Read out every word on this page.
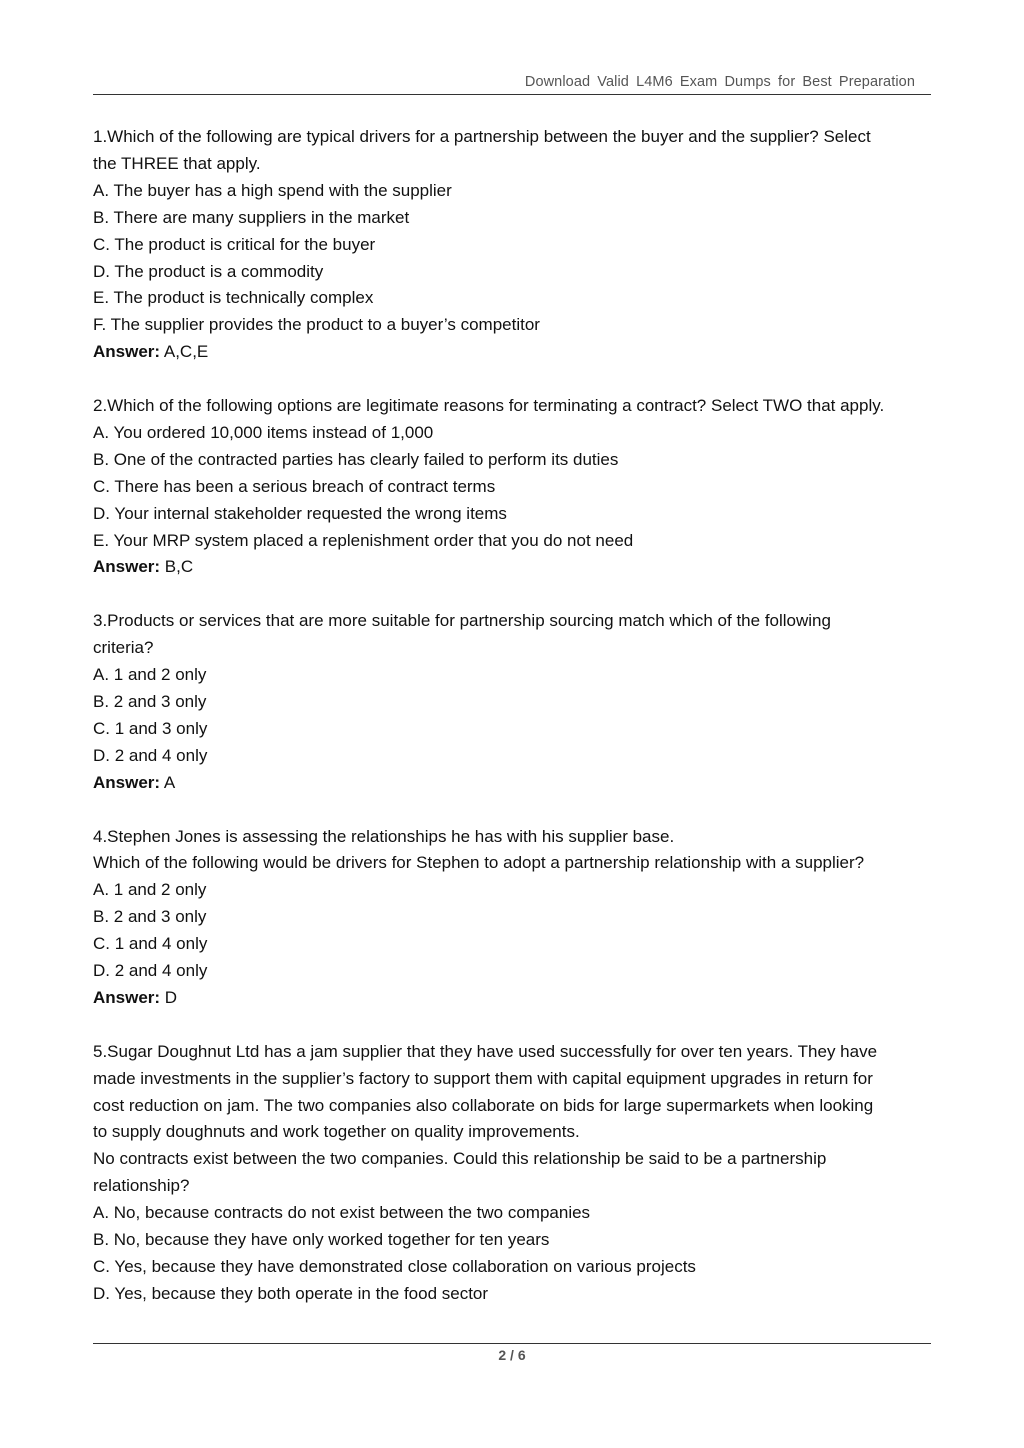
Download Valid L4M6 Exam Dumps for Best Preparation
1.Which of the following are typical drivers for a partnership between the buyer and the supplier? Select
the THREE that apply.
A. The buyer has a high spend with the supplier
B. There are many suppliers in the market
C. The product is critical for the buyer
D. The product is a commodity
E. The product is technically complex
F. The supplier provides the product to a buyer’s competitor
Answer: A,C,E
2.Which of the following options are legitimate reasons for terminating a contract? Select TWO that apply.
A. You ordered 10,000 items instead of 1,000
B. One of the contracted parties has clearly failed to perform its duties
C. There has been a serious breach of contract terms
D. Your internal stakeholder requested the wrong items
E. Your MRP system placed a replenishment order that you do not need
Answer: B,C
3.Products or services that are more suitable for partnership sourcing match which of the following
criteria?
A. 1 and 2 only
B. 2 and 3 only
C. 1 and 3 only
D. 2 and 4 only
Answer: A
4.Stephen Jones is assessing the relationships he has with his supplier base.
Which of the following would be drivers for Stephen to adopt a partnership relationship with a supplier?
A. 1 and 2 only
B. 2 and 3 only
C. 1 and 4 only
D. 2 and 4 only
Answer: D
5.Sugar Doughnut Ltd has a jam supplier that they have used successfully for over ten years. They have
made investments in the supplier’s factory to support them with capital equipment upgrades in return for
cost reduction on jam. The two companies also collaborate on bids for large supermarkets when looking
to supply doughnuts and work together on quality improvements.
No contracts exist between the two companies. Could this relationship be said to be a partnership
relationship?
A. No, because contracts do not exist between the two companies
B. No, because they have only worked together for ten years
C. Yes, because they have demonstrated close collaboration on various projects
D. Yes, because they both operate in the food sector
2 / 6
